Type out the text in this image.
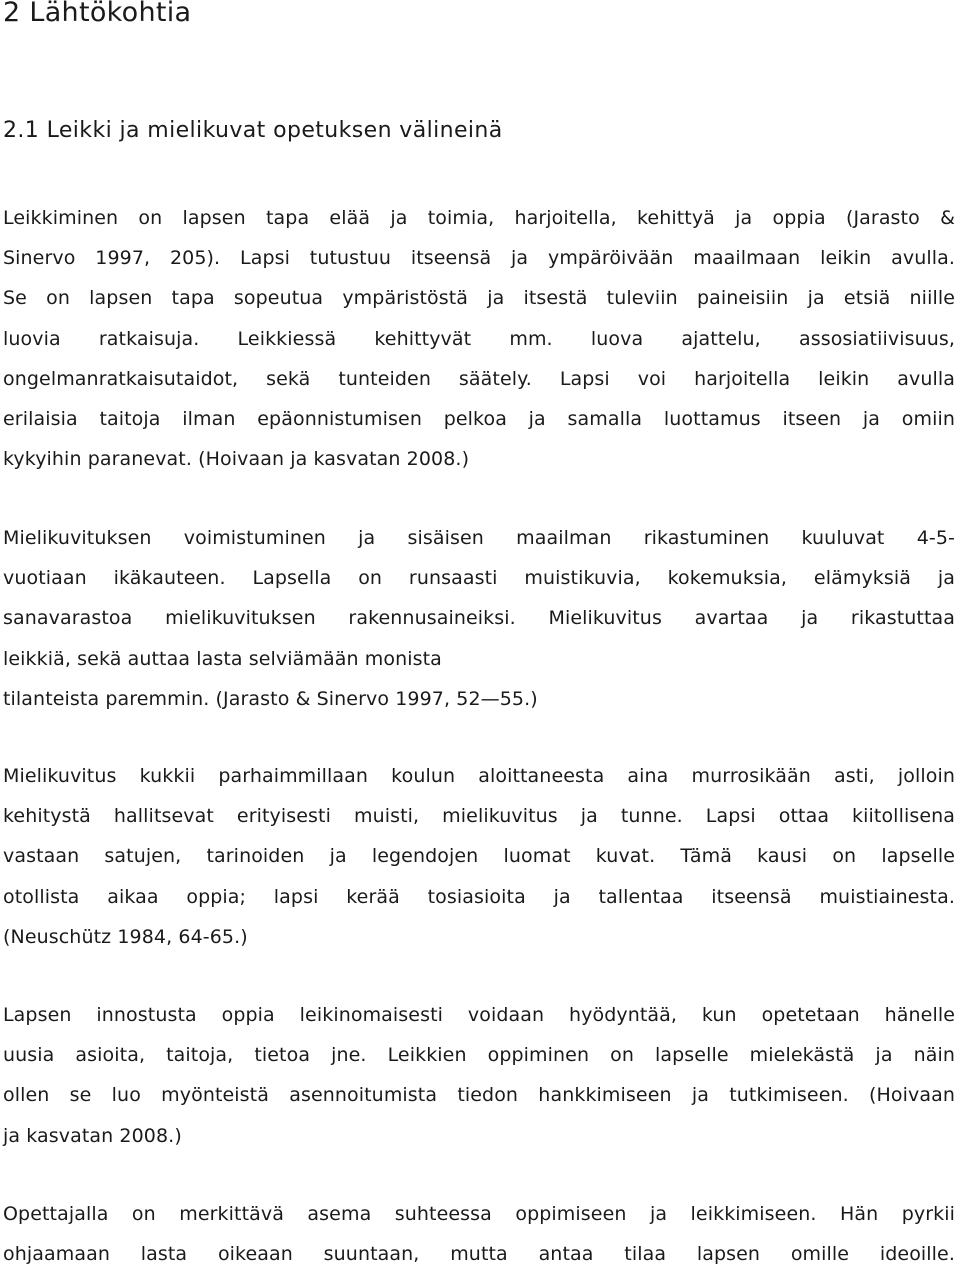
2 Lähtökohtia
2.1 Leikki ja mielikuvat opetuksen välineinä
Leikkiminen on lapsen tapa elää ja toimia, harjoitella, kehittyä ja oppia (Jarasto &
Sinervo 1997, 205). Lapsi tutustuu itseensä ja ympäröivään maailmaan leikin avulla.
Se on lapsen tapa sopeutua ympäristöstä ja itsestä tuleviin paineisiin ja etsiä niille
luovia ratkaisuja. Leikkiessä kehittyvät mm. luova ajattelu, assosiatiivisuus,
ongelmanratkaisutaidot, sekä tunteiden säätely. Lapsi voi harjoitella leikin avulla
erilaisia taitoja ilman epäonnistumisen pelkoa ja samalla luottamus itseen ja omiin
kykyihin paranevat. (Hoivaan ja kasvatan 2008.)
Mielikuvituksen voimistuminen ja sisäisen maailman rikastuminen kuuluvat 4-5-
vuotiaan ikäkauteen. Lapsella on runsaasti muistikuvia, kokemuksia, elämyksiä ja
sanavarastoa mielikuvituksen rakennusaineiksi. Mielikuvitus avartaa ja rikastuttaa
leikkiä, sekä auttaa lasta selviämään monista
tilanteista paremmin. (Jarasto & Sinervo 1997, 52—55.)
Mielikuvitus kukkii parhaimmillaan koulun aloittaneesta aina murrosikään asti, jolloin
kehitystä hallitsevat erityisesti muisti, mielikuvitus ja tunne. Lapsi ottaa kiitollisena
vastaan satujen, tarinoiden ja legendojen luomat kuvat. Tämä kausi on lapselle
otollista aikaa oppia; lapsi kerää tosiasioita ja tallentaa itseensä muistiainesta.
(Neuschütz 1984, 64-65.)
Lapsen innostusta oppia leikinomaisesti voidaan hyödyntää, kun opetetaan hänelle
uusia asioita, taitoja, tietoa jne. Leikkien oppiminen on lapselle mielekästä ja näin
ollen se luo myönteistä asennoitumista tiedon hankkimiseen ja tutkimiseen. (Hoivaan
ja kasvatan 2008.)
Opettajalla on merkittävä asema suhteessa oppimiseen ja leikkimiseen. Hän pyrkii
ohjaamaan lasta oikeaan suuntaan, mutta antaa tilaa lapsen omille ideoille.
